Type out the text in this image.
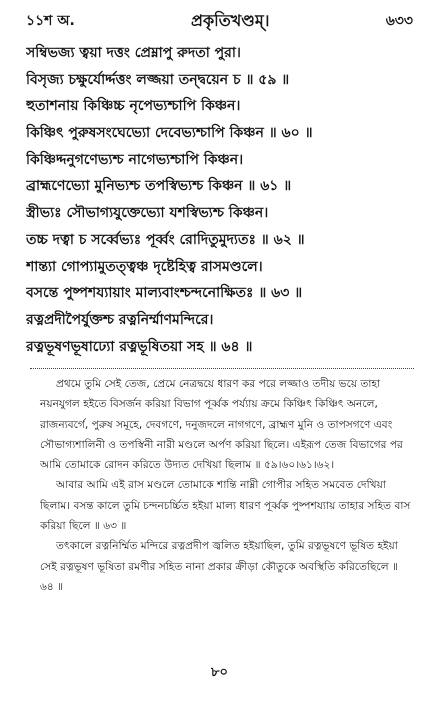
১১শ অ.	প্রকৃতিখণ্ডম্।	৬৩৩
সম্বিভজ্য ত্বয়া দত্তং প্রেম্নাপু রুদতা পুরা।
বিসৃজ্য চক্ষুর্যোর্দ্দত্তং লজ্জয়া তন্দ্বয়েন চ ॥ ৫৯ ॥
হুতাশনায় কিঞ্চিচ্চ নৃপেভ্যশ্চাপি কিঞ্চন।
কিঞ্চিৎ পুরুষসংঘেভ্যো দেবেভ্যশ্চাপি কিঞ্চন ॥ ৬০ ॥
কিঞ্চিদ্দনুগণেভ্যশ্চ নাগেভ্যশ্চাপি কিঞ্চন।
ব্রাহ্মণেভ্যো মুনিভ্যশ্চ তপস্বিভ্যশ্চ কিঞ্চন ॥ ৬১ ॥
স্ত্রীভ্যঃ সৌভাগ্যযুক্তেভ্যো যশস্বিভ্যশ্চ কিঞ্চন।
তচ্চ দত্বা চ সর্ব্বেভ্যঃ পূর্ব্বং রোদিতুমুদ্যতঃ ॥ ৬২ ॥
শান্ত্যা গোপ্যামুতত্ত্বঞ্চ দৃষ্টেহিত্ব রাসমণ্ডলে।
বসন্তে পুষ্পশয্যায়াং মাল্যবাংশ্চন্দনোক্ষিতঃ ॥ ৬৩ ॥
রত্নপ্রদীপৈর্যুক্তশ্চ রত্ননির্ম্মাণমন্দিরে।
রত্নভূষণভূষাঢ্যো রত্নভূষিতয়া সহ ॥ ৬৪ ॥

প্রথমে তুমি সেই তেজ, প্রেমে নেত্রদ্বয়ে ধারণ কর পরে লজ্জাও তদীয় ভয়ে তাহা নয়নযুগল হইতে বিসর্জন করিয়া বিভাগ পূর্ব্বক পর্য্যায় ক্রমে কিঞ্চিৎ কিঞ্চিৎ অনলে, রাজন্যবর্গে, পুরুষ সমূহে, দেবগণে, দনুজদলে নাগগণে, ব্রাহ্মণ মুনি ও তাপসগণে এবং সৌভাগ্যশালিনী ও তপস্বিনী নারী মণ্ডলে অর্পণ করিয়া ছিলে। এইরূপ তেজ বিভাগের পর আমি তোমাকে রোদন করিতে উদ্যত দেখিয়া ছিলাম ॥ ৫৯।৬০।৬১।৬২।

আবার আমি এই রাস মণ্ডলে তোমাকে শান্তি নাম্নী গোপীর সহিত সমবেত দেখিয়া ছিলাম। বসন্ত কালে তুমি চন্দনচর্চ্চিত হইয়া মাল্য ধারণ পূর্ব্বক পুষ্পশয্যায় তাহার সহিত বাস করিয়া ছিলে ॥ ৬৩ ॥

তৎকালে রত্ননির্ম্মিত মন্দিরে রত্নপ্রদীপ জ্বলিত হইয়াছিল, তুমি রত্নভূষণে ভূষিত হইয়া সেই রত্নভূষণ ভূষিতা রমণীর সহিত নানা প্রকার ক্রীড়া কৌতুকে অবস্থিতি করিতেছিলে ॥ ৬৪ ॥

৮০
